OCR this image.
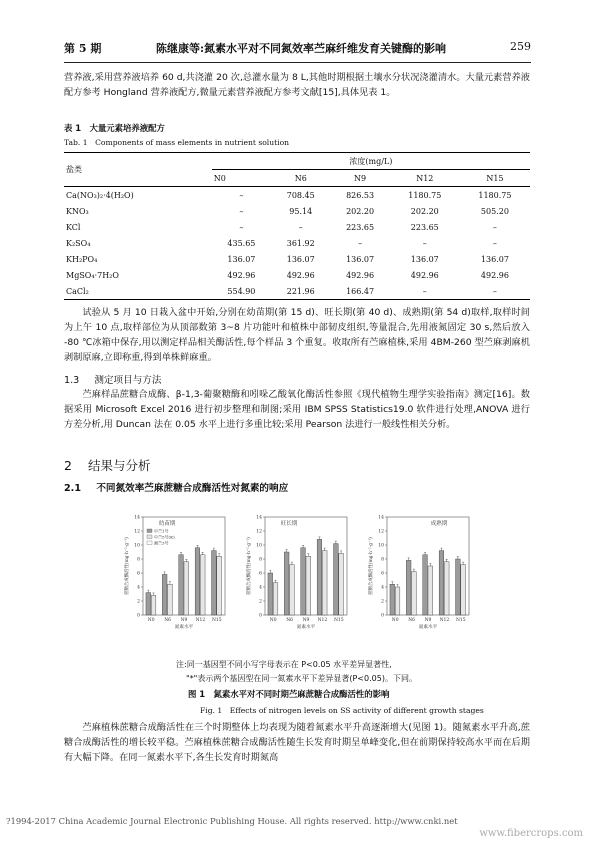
第 5 期	陈继康等:氮素水平对不同氮效率苎麻纤维发育关键酶的影响	259
营养液,采用营养液培养 60 d,共浇灌 20 次,总灌水量为 8 L,其他时期根据土壤水分状况浇灌清水。大量元素营养液配方参考 Hongland 营养液配方,微量元素营养液配方参考文献[15],具体见表 1。
表 1　大量元素培养液配方
Tab. 1　Components of mass elements in nutrient solution
盐类	浓度(mg/L)				
	N0	N6	N9	N12	N15
Ca(NO₃)₂·4(H₂O)	–	708.45	826.53	1180.75	1180.75
KNO₃	–	95.14	202.20	202.20	505.20
KCl	–	–	223.65	223.65	–
K₂SO₄	435.65	361.92	–	–	–
KH₂PO₄	136.07	136.07	136.07	136.07	136.07
MgSO₄·7H₂O	492.96	492.96	492.96	492.96	492.96
CaCl₂	554.90	221.96	166.47	–	–
试验从 5 月 10 日栽入盆中开始,分别在幼苗期(第 15 d)、旺长期(第 40 d)、成熟期(第 54 d)取样,取样时间为上午 10 点,取样部位为从顶部数第 3~8 片功能叶和植株中部韧皮组织,等量混合,先用液氮固定 30 s,然后放入 -80 ℃冰箱中保存,用以测定样品相关酶活性,每个样品 3 个重复。收取所有苎麻植株,采用 4BM-260 型苎麻剥麻机剥制原麻,立即称重,得到单株鲜麻重。
1.3 测定项目与方法
苎麻样品蔗糖合成酶、β-1,3-葡聚糖酶和吲哚乙酸氧化酶活性参照《现代植物生理学实验指南》测定[16]。数据采用 Microsoft Excel 2016 进行初步整理和制图;采用 IBM SPSS Statistics19.0 软件进行处理,ANOVA 进行方差分析,用 Duncan 法在 0.05 水平上进行多重比较;采用 Pearson 法进行一般线性相关分析。
2 结果与分析
2.1 不同氮效率苎麻蔗糖合成酶活性对氮素的响应
0
2
4
6
8
10
12
14
幼苗期
中苎1号
中苎5号(K)
湘苎3号
N0 N6 N9 N12 N15
氮素水平
蔗糖合成酶活性(mg·h⁻¹·g⁻¹)
0
2
4
6
8
10
12
14
旺长期
N0 N6 N9 N12 N15
氮素水平
蔗糖合成酶活性(mg·h⁻¹·g⁻¹)
0
2
4
6
8
10
12
14
成熟期
N0 N6 N9 N12 N15
氮素水平
蔗糖合成酶活性(mg·h⁻¹·g⁻¹)
注:同一基因型不同小写字母表示在 P<0.05 水平差异显著性,
"*"表示两个基因型在同一氮素水平下差异显著(P<0.05)。下同。
图 1　氮素水平对不同时期苎麻蔗糖合成酶活性的影响
Fig. 1　Effects of nitrogen levels on SS activity of different growth stages
苎麻植株蔗糖合成酶活性在三个时期整体上均表现为随着氮素水平升高逐渐增大(见图 1)。随氮素水平升高,蔗糖合成酶活性的增长较平稳。苎麻植株蔗糖合成酶活性随生长发育时期呈单峰变化,但在前期保持较高水平而在后期有大幅下降。在同一氮素水平下,各生长发育时期氮高
?1994-2017 China Academic Journal Electronic Publishing House. All rights reserved. http://www.cnki.net
www.fibercrops.com
